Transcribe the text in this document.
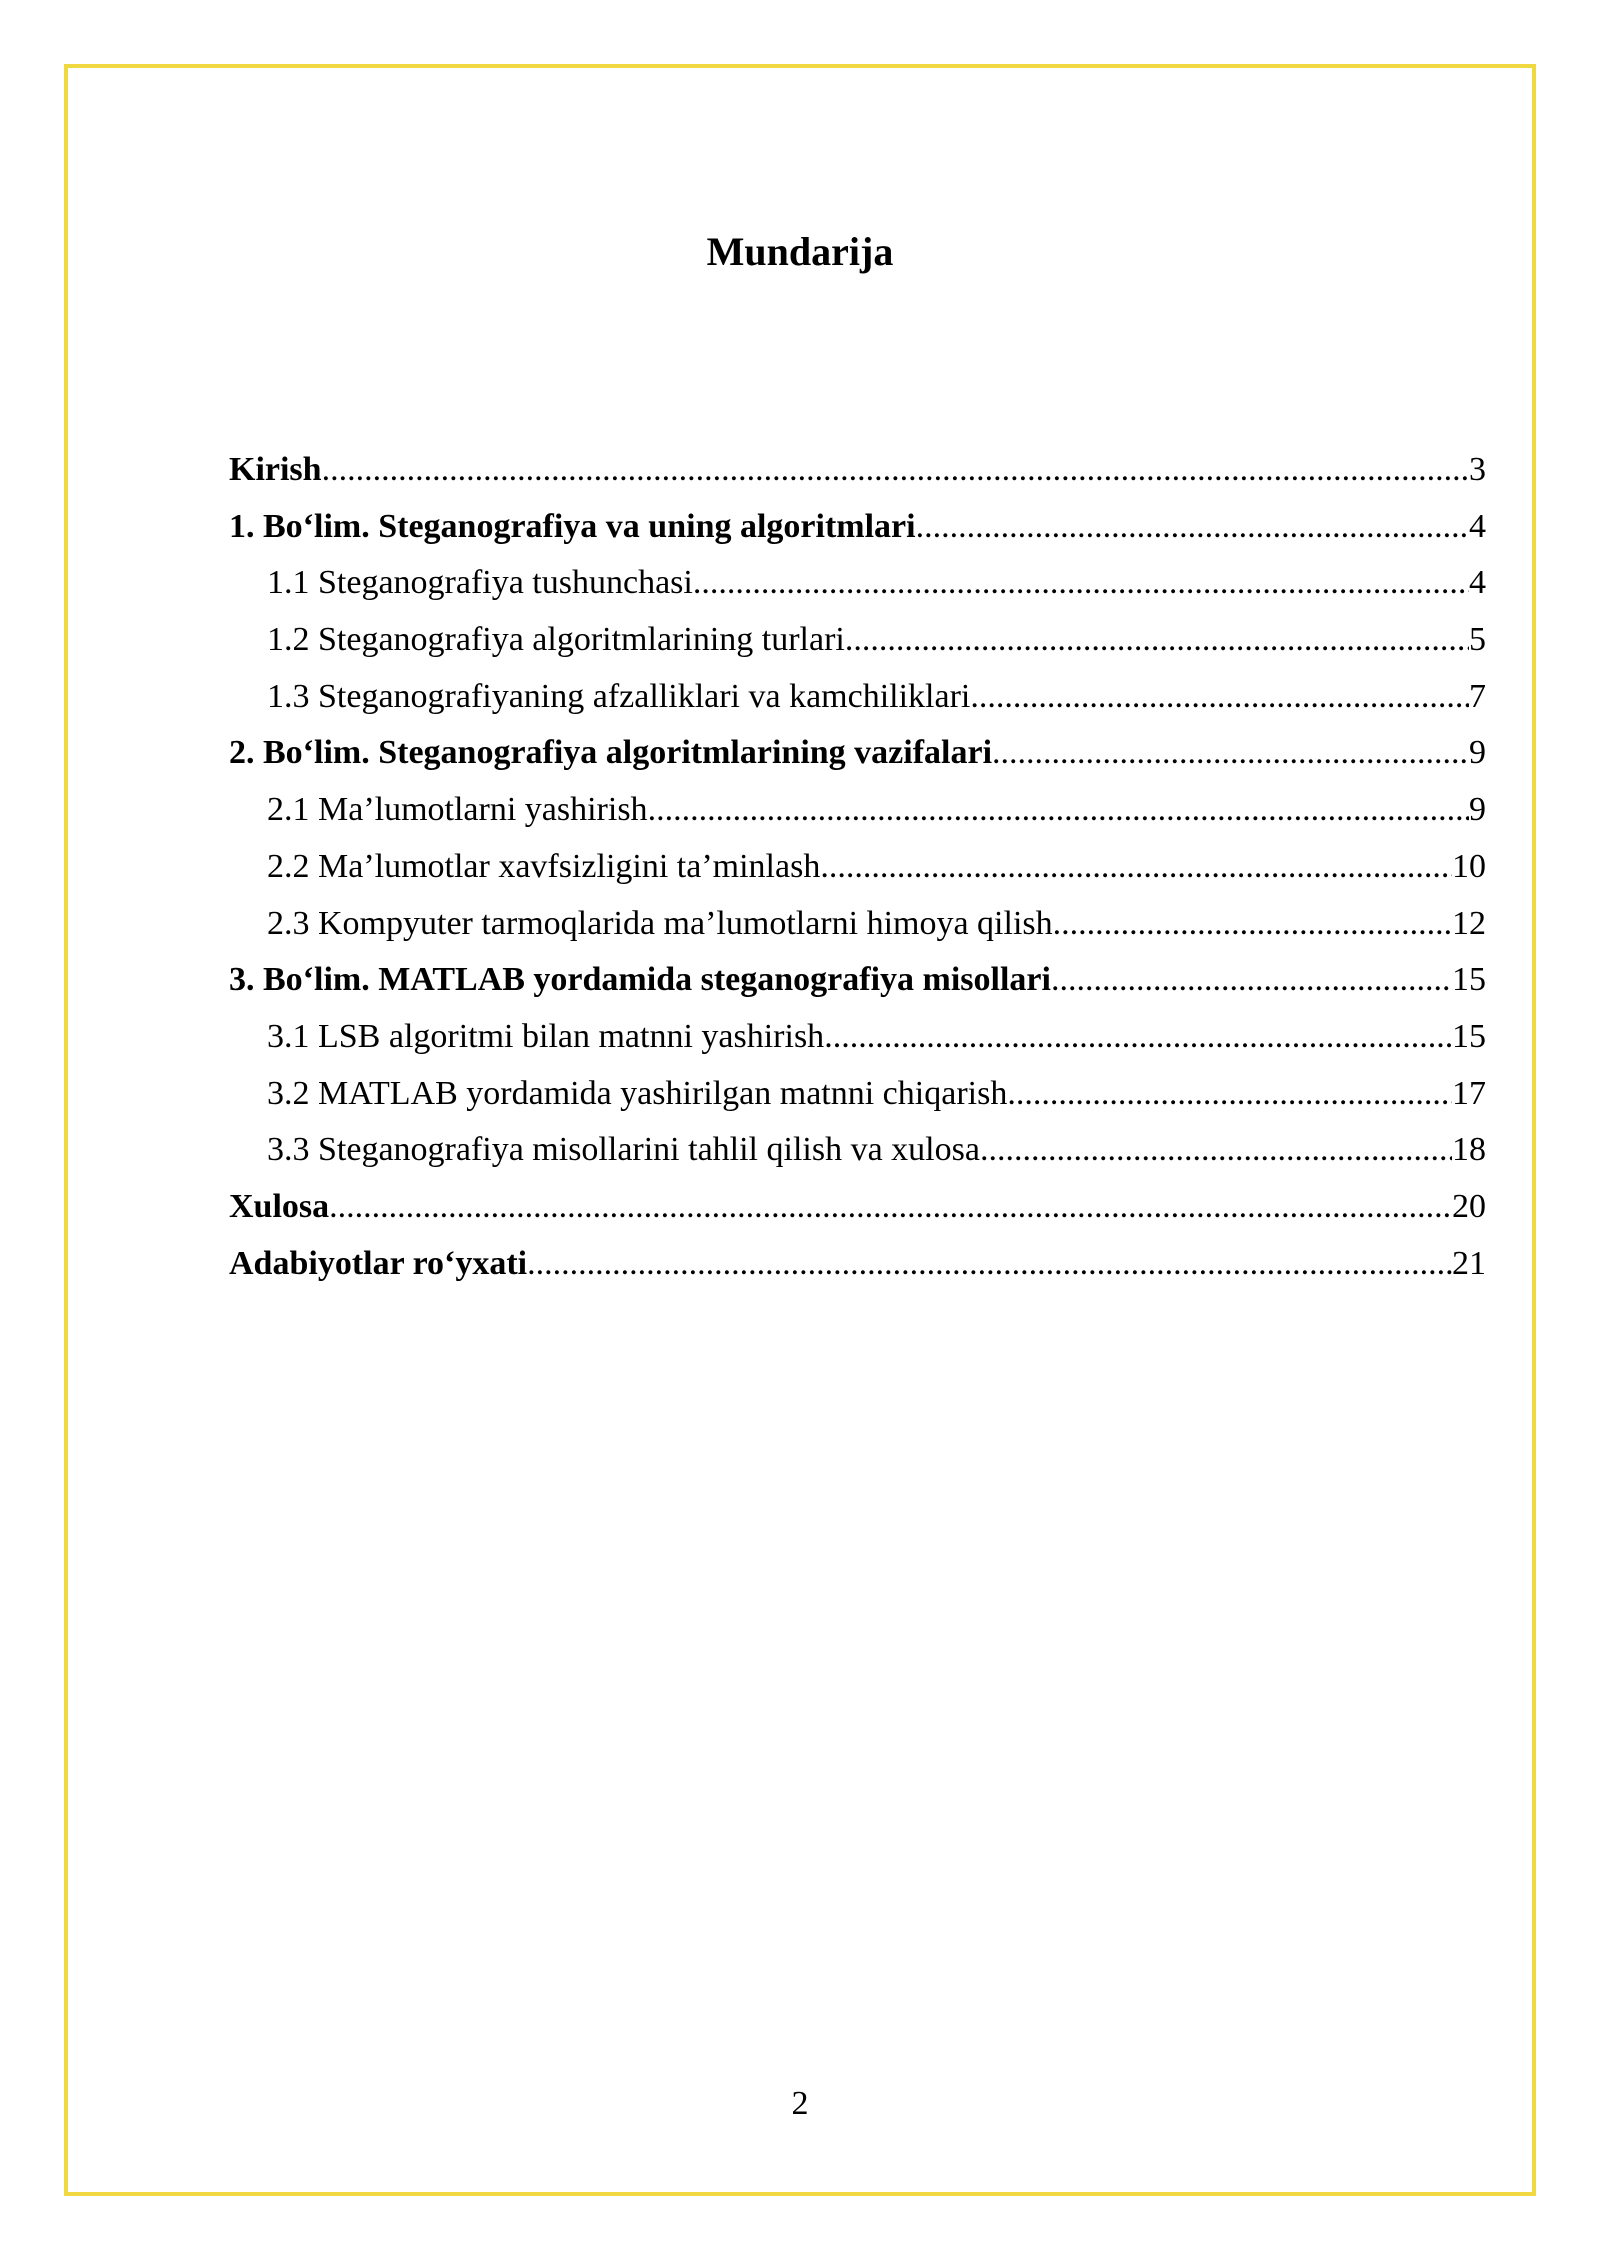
Mundarija
Kirish .....	3
1. Bo‘lim. Steganografiya va uning algoritmlari .....	4
1.1 Steganografiya tushunchasi .....	4
1.2 Steganografiya algoritmlarining turlari .....	5
1.3 Steganografiyaning afzalliklari va kamchiliklari .....	7
2. Bo‘lim. Steganografiya algoritmlarining vazifalari .....	9
2.1 Ma’lumotlarni yashirish .....	9
2.2 Ma’lumotlar xavfsizligini ta’minlash .....	10
2.3 Kompyuter tarmoqlarida ma’lumotlarni himoya qilish .....	12
3. Bo‘lim. MATLAB yordamida steganografiya misollari .....	15
3.1 LSB algoritmi bilan matnni yashirish .....	15
3.2 MATLAB yordamida yashirilgan matnni chiqarish .....	17
3.3 Steganografiya misollarini tahlil qilish va xulosa .....	18
Xulosa .....	20
Adabiyotlar ro‘yxati .....	21
2
